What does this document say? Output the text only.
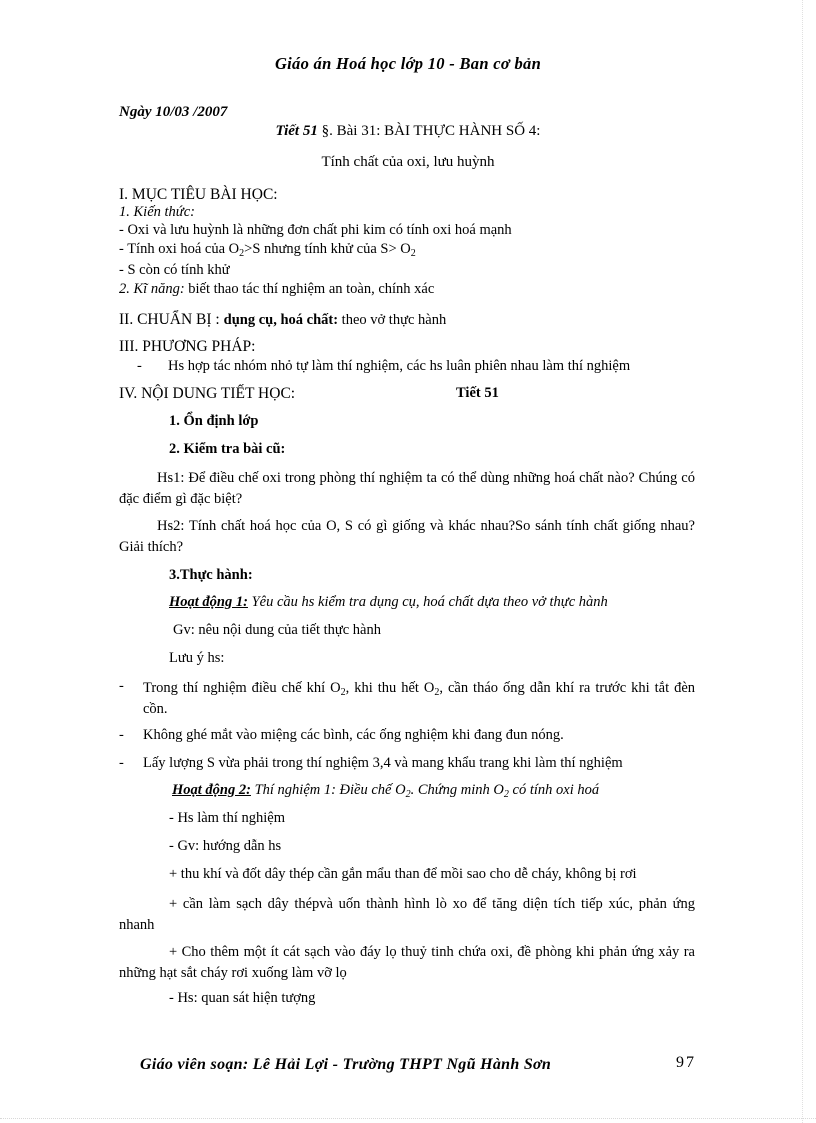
Giáo án Hoá học lớp 10 - Ban cơ bản
Ngày 10/03 /2007
Tiết 51 §. Bài 31: BÀI THỰC HÀNH SỐ 4:
Tính chất của oxi, lưu huỳnh
I. MỤC TIÊU BÀI HỌC:
1. Kiến thức:
- Oxi và lưu huỳnh là những đơn chất phi kim có tính oxi hoá mạnh
- Tính oxi hoá của $O_2>S$ nhưng tính khử của $S> O_2$
- S còn có tính khử
2. Kĩ năng: biết thao tác thí nghiệm an toàn, chính xác
II. CHUẨN BỊ : dụng cụ, hoá chất: theo vở thực hành
III. PHƯƠNG PHÁP:
- Hs hợp tác nhóm nhỏ tự làm thí nghiệm, các hs luân phiên nhau làm thí nghiệm
IV. NỘI DUNG TIẾT HỌC:	Tiết 51
1. Ổn định lớp
2. Kiểm tra bài cũ:
Hs1: Để điều chế oxi trong phòng thí nghiệm ta có thể dùng những hoá chất nào? Chúng có đặc điểm gì đặc biệt?
Hs2: Tính chất hoá học của O, S có gì giống và khác nhau?So sánh tính chất giống nhau?Giải thích?
3.Thực hành:
Hoạt động 1: Yêu cầu hs kiểm tra dụng cụ, hoá chất dựa theo vở thực hành
Gv: nêu nội dung của tiết thực hành
Lưu ý hs:
- Trong thí nghiệm điều chế khí $O_2$, khi thu hết $O_2$, cần tháo ống dẫn khí ra trước khi tắt đèn cồn.
- Không ghé mắt vào miệng các bình, các ống nghiệm khi đang đun nóng.
- Lấy lượng S vừa phải trong thí nghiệm 3,4 và mang khẩu trang khi làm thí nghiệm
Hoạt động 2: Thí nghiệm 1: Điều chế $O_2$. Chứng minh $O_2$ có tính oxi hoá
- Hs làm thí nghiệm
- Gv: hướng dẫn hs
+ thu khí và đốt dây thép cần gắn mẩu than để mồi sao cho dễ cháy, không bị rơi
+ cần làm sạch dây thépvà uốn thành hình lò xo để tăng diện tích tiếp xúc, phản ứng nhanh
+ Cho thêm một ít cát sạch vào đáy lọ thuỷ tinh chứa oxi, đề phòng khi phản ứng xảy ra những hạt sắt cháy rơi xuống làm vỡ lọ
- Hs: quan sát hiện tượng
Giáo viên soạn: Lê Hải Lợi - Trường THPT Ngũ Hành Sơn	97
